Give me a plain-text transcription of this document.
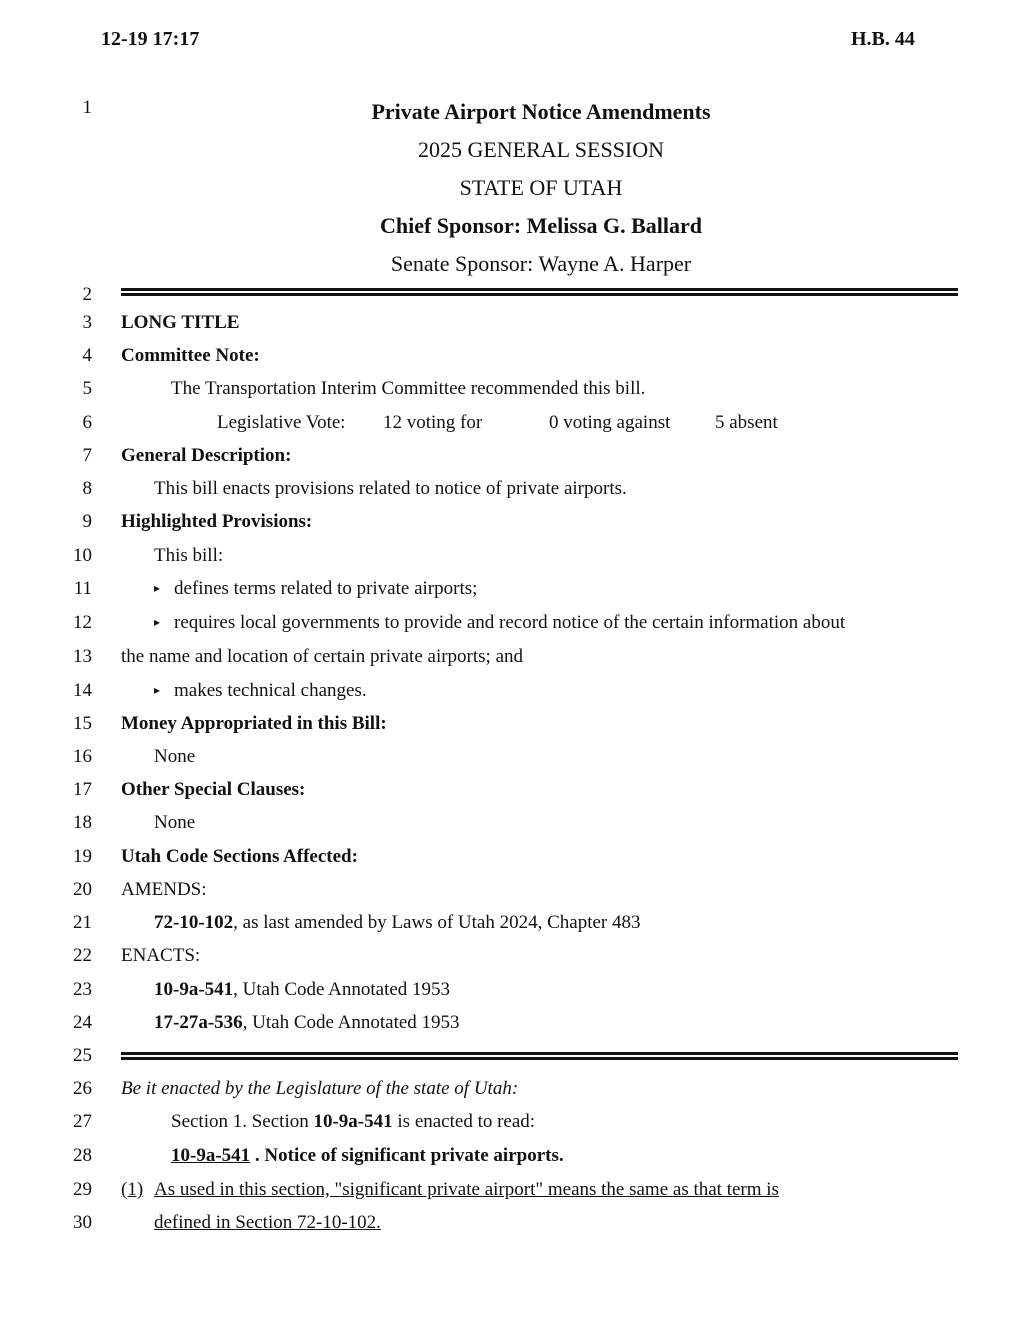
12-19 17:17	H.B. 44
1
2
3
4
5
6
7
8
9
10
11
12
13
14
15
16
17
18
19
20
21
22
23
24
25
26
27
28
29
30
Private Airport Notice Amendments
2025 GENERAL SESSION
STATE OF UTAH
Chief Sponsor: Melissa G. Ballard
Senate Sponsor: Wayne A. Harper
LONG TITLE
Committee Note:
The Transportation Interim Committee recommended this bill.
Legislative Vote: 12 voting for	0 voting against 5 absent
General Description:
This bill enacts provisions related to notice of private airports.
Highlighted Provisions:
This bill:
▸ defines terms related to private airports;
▸ requires local governments to provide and record notice of the certain information about
the name and location of certain private airports; and
▸ makes technical changes.
Money Appropriated in this Bill:
None
Other Special Clauses:
None
Utah Code Sections Affected:
AMENDS:
72-10-102, as last amended by Laws of Utah 2024, Chapter 483
ENACTS:
10-9a-541, Utah Code Annotated 1953
17-27a-536, Utah Code Annotated 1953
Be it enacted by the Legislature of the state of Utah:
Section 1. Section 10-9a-541 is enacted to read:
10-9a-541 . Notice of significant private airports.
(1) As used in this section, "significant private airport" means the same as that term is
defined in Section 72-10-102.
